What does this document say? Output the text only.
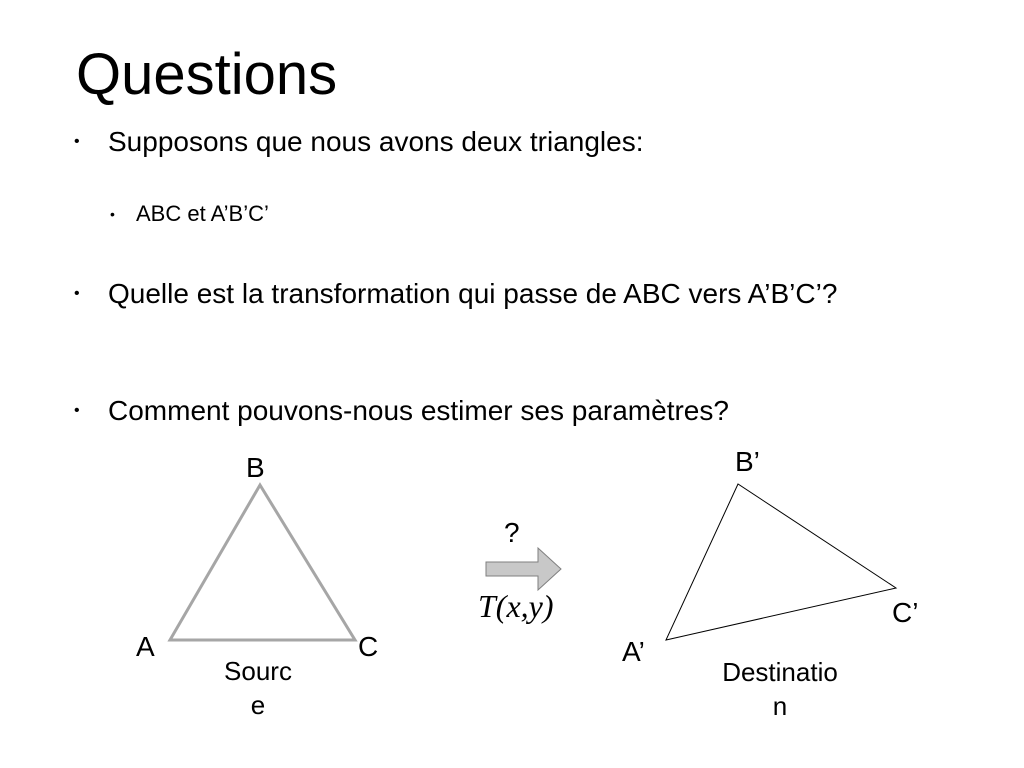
Questions
• Supposons que nous avons deux triangles:
• ABC et A’B’C’
• Quelle est la transformation qui passe de ABC vers A’B’C’?
• Comment pouvons-nous estimer ses paramètres?
B
A	C
Sourc
e
?
T(x,y)
B’
A’
C’
Destinatio
n
